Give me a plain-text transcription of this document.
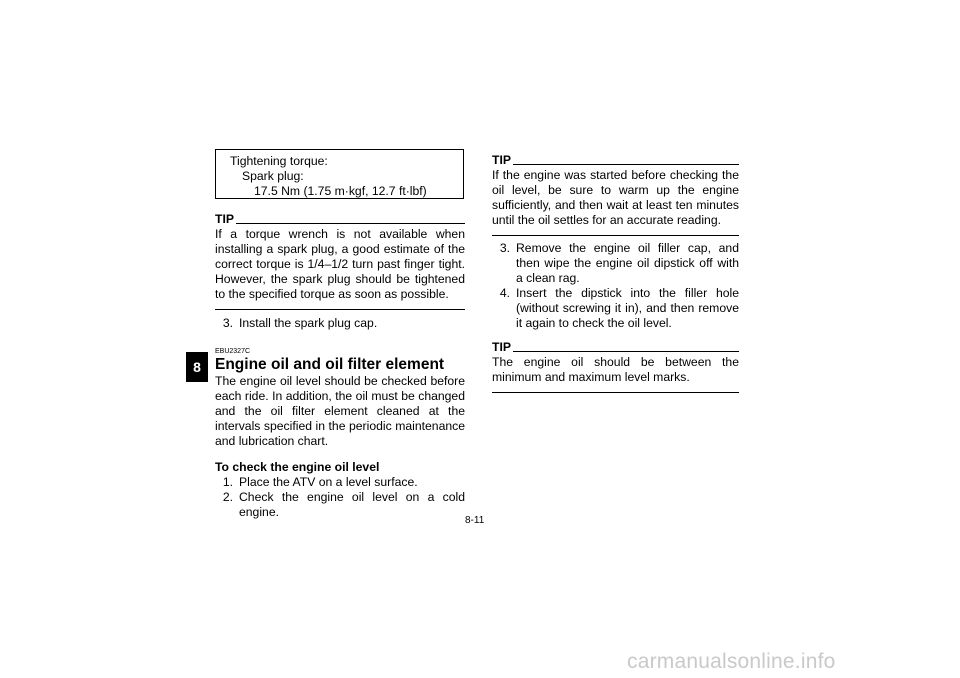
8
Tightening torque:
Spark plug:
17.5 Nm (1.75 m·kgf, 12.7 ft·lbf)
TIP
If a torque wrench is not available when installing a spark plug, a good estimate of the correct torque is 1/4–1/2 turn past finger tight. However, the spark plug should be tightened to the specified torque as soon as possible.
3. Install the spark plug cap.
EBU2327C
Engine oil and oil filter element
The engine oil level should be checked before each ride. In addition, the oil must be changed and the oil filter element cleaned at the intervals specified in the periodic maintenance and lubrication chart.
To check the engine oil level
1. Place the ATV on a level surface.
2. Check the engine oil level on a cold engine.
TIP
If the engine was started before checking the oil level, be sure to warm up the engine sufficiently, and then wait at least ten minutes until the oil settles for an accurate reading.
3. Remove the engine oil filler cap, and then wipe the engine oil dipstick off with a clean rag.
4. Insert the dipstick into the filler hole (without screwing it in), and then remove it again to check the oil level.
TIP
The engine oil should be between the minimum and maximum level marks.
8-11
carmanualsonline.info
